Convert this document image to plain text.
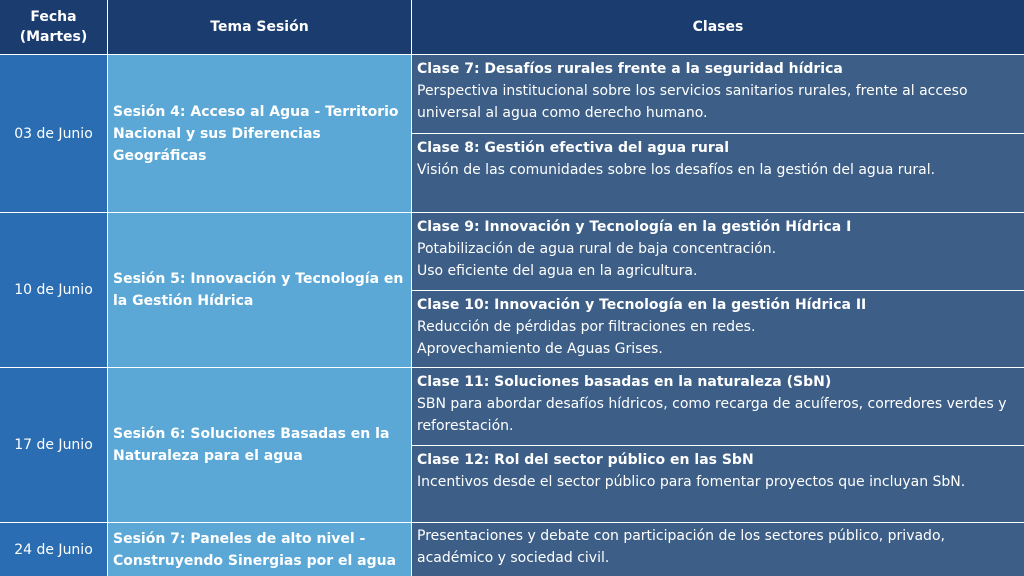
Fecha
(Martes)
Tema Sesión	Clases
03 de Junio
Sesión 4: Acceso al Agua - Territorio Nacional y sus Diferencias Geográficas
Clase 7: Desafíos rurales frente a la seguridad hídrica
Perspectiva institucional sobre los servicios sanitarios rurales, frente al acceso universal al agua como derecho humano.
Clase 8: Gestión efectiva del agua rural
Visión de las comunidades sobre los desafíos en la gestión del agua rural.
10 de Junio
Sesión 5: Innovación y Tecnología en la Gestión Hídrica
Clase 9: Innovación y Tecnología en la gestión Hídrica I
Potabilización de agua rural de baja concentración.
Uso eficiente del agua en la agricultura.
Clase 10: Innovación y Tecnología en la gestión Hídrica II
Reducción de pérdidas por filtraciones en redes.
Aprovechamiento de Aguas Grises.
17 de Junio
Sesión 6: Soluciones Basadas en la Naturaleza para el agua
Clase 11: Soluciones basadas en la naturaleza (SbN)
SBN para abordar desafíos hídricos, como recarga de acuíferos, corredores verdes y reforestación.
Clase 12: Rol del sector público en las SbN
Incentivos desde el sector público para fomentar proyectos que incluyan SbN.
24 de Junio
Sesión 7: Paneles de alto nivel - Construyendo Sinergias por el agua
Presentaciones y debate con participación de los sectores público, privado, académico y sociedad civil.
